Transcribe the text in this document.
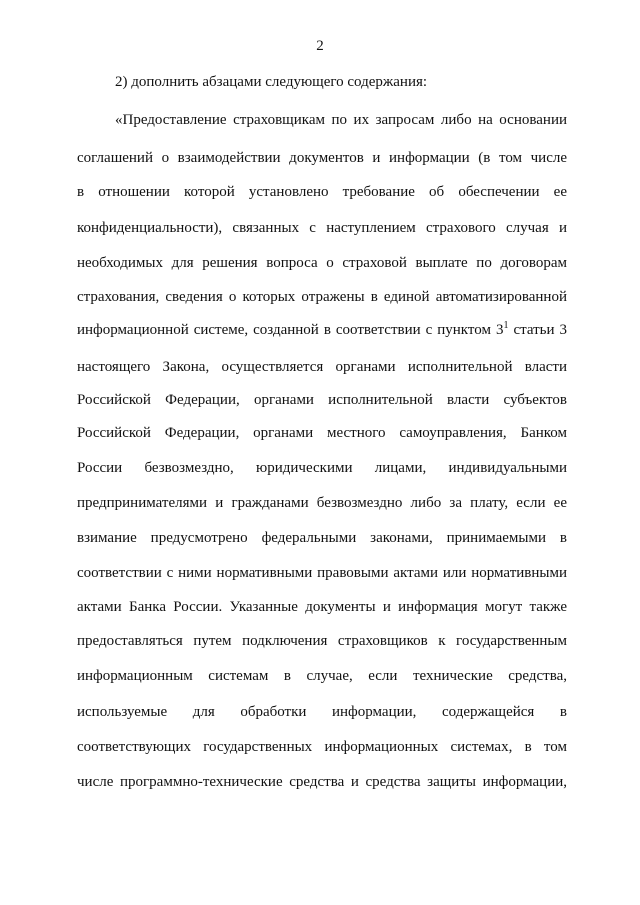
2
2) дополнить абзацами следующего содержания:
«Предоставление страховщикам по их запросам либо на основании
соглашений о взаимодействии документов и информации (в том числе
в отношении которой установлено требование об обеспечении ее
конфиденциальности), связанных с наступлением страхового случая и
необходимых для решения вопроса о страховой выплате по договорам
страхования, сведения о которых отражены в единой автоматизированной
информационной системе, созданной в соответствии с пунктом $3^1$ статьи 3
настоящего Закона, осуществляется органами исполнительной власти
Российской Федерации, органами исполнительной власти субъектов
Российской Федерации, органами местного самоуправления, Банком
России безвозмездно, юридическими лицами, индивидуальными
предпринимателями и гражданами безвозмездно либо за плату, если ее
взимание предусмотрено федеральными законами, принимаемыми в
соответствии с ними нормативными правовыми актами или нормативными
актами Банка России. Указанные документы и информация могут также
предоставляться путем подключения страховщиков к государственным
информационным системам в случае, если технические средства,
используемые для обработки информации, содержащейся в
соответствующих государственных информационных системах, в том
числе программно-технические средства и средства защиты информации,
